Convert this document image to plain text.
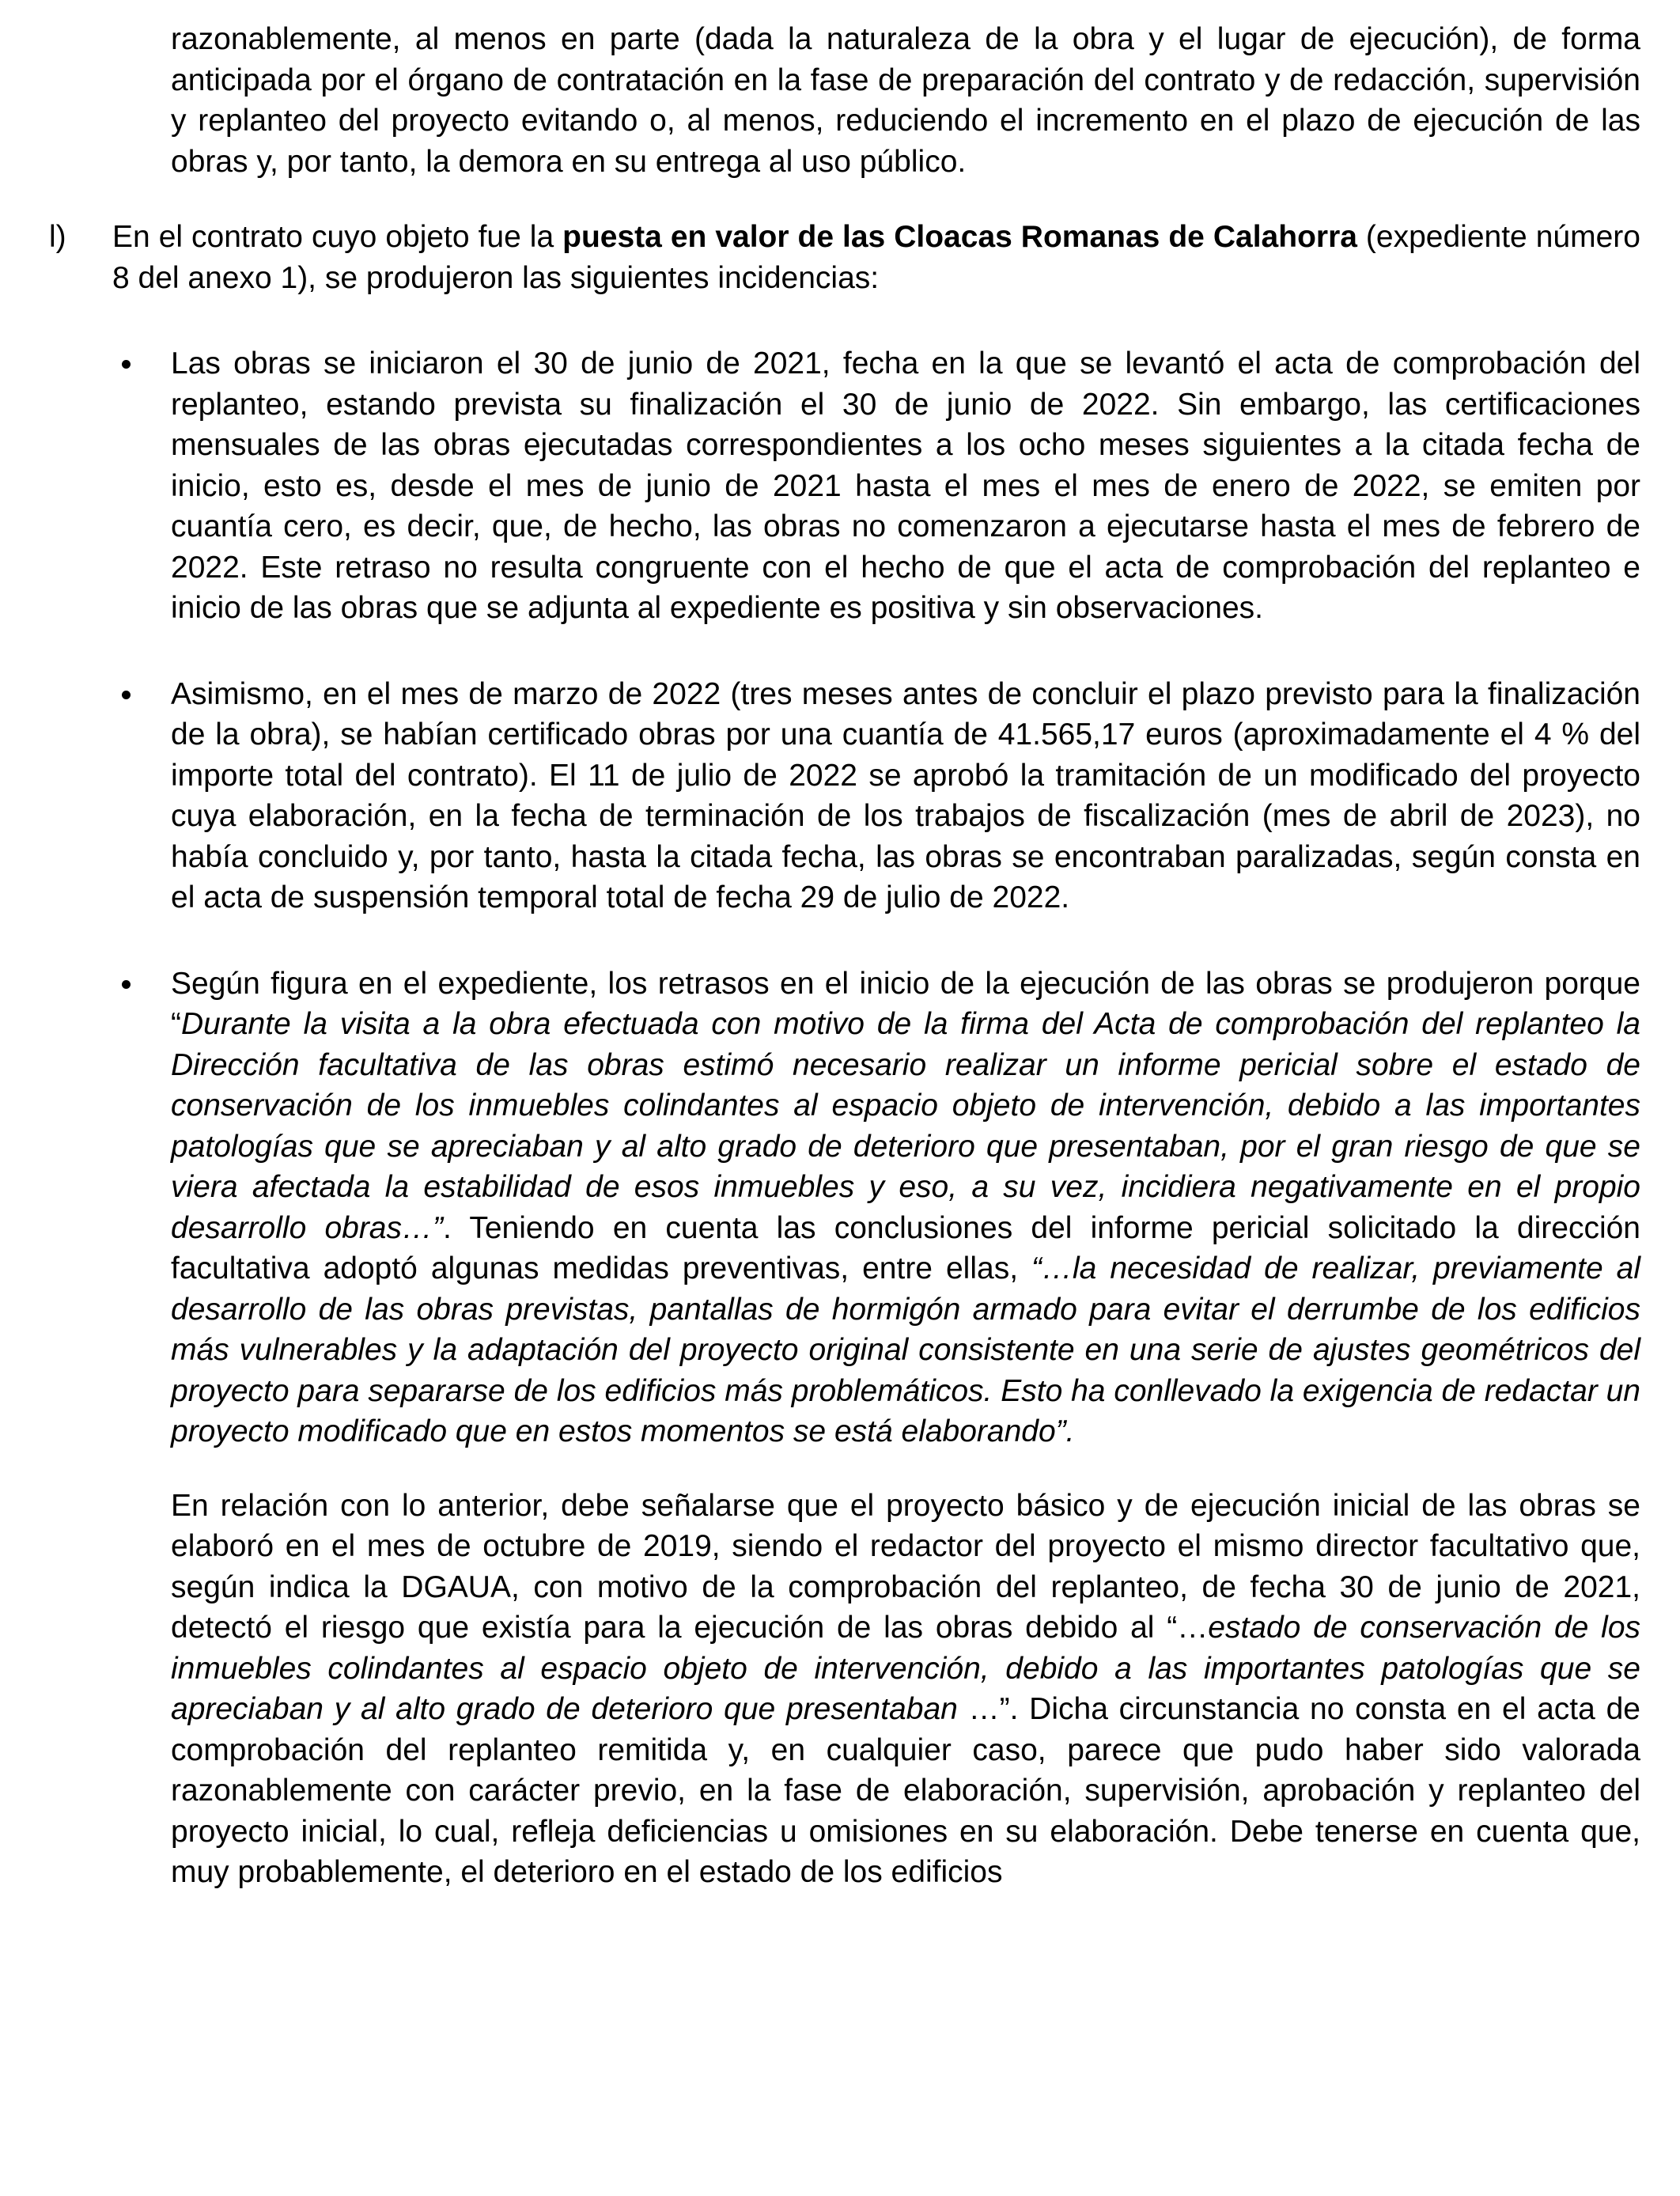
razonablemente, al menos en parte (dada la naturaleza de la obra y el lugar de ejecución), de forma anticipada por el órgano de contratación en la fase de preparación del contrato y de redacción, supervisión y replanteo del proyecto evitando o, al menos, reduciendo el incremento en el plazo de ejecución de las obras y, por tanto, la demora en su entrega al uso público.

l) En el contrato cuyo objeto fue la puesta en valor de las Cloacas Romanas de Calahorra (expediente número 8 del anexo 1), se produjeron las siguientes incidencias:
Las obras se iniciaron el 30 de junio de 2021, fecha en la que se levantó el acta de comprobación del replanteo, estando prevista su finalización el 30 de junio de 2022. Sin embargo, las certificaciones mensuales de las obras ejecutadas correspondientes a los ocho meses siguientes a la citada fecha de inicio, esto es, desde el mes de junio de 2021 hasta el mes el mes de enero de 2022, se emiten por cuantía cero, es decir, que, de hecho, las obras no comenzaron a ejecutarse hasta el mes de febrero de 2022. Este retraso no resulta congruente con el hecho de que el acta de comprobación del replanteo e inicio de las obras que se adjunta al expediente es positiva y sin observaciones.
Asimismo, en el mes de marzo de 2022 (tres meses antes de concluir el plazo previsto para la finalización de la obra), se habían certificado obras por una cuantía de 41.565,17 euros (aproximadamente el 4 % del importe total del contrato). El 11 de julio de 2022 se aprobó la tramitación de un modificado del proyecto cuya elaboración, en la fecha de terminación de los trabajos de fiscalización (mes de abril de 2023), no había concluido y, por tanto, hasta la citada fecha, las obras se encontraban paralizadas, según consta en el acta de suspensión temporal total de fecha 29 de julio de 2022.
Según figura en el expediente, los retrasos en el inicio de la ejecución de las obras se produjeron porque “Durante la visita a la obra efectuada con motivo de la firma del Acta de comprobación del replanteo la Dirección facultativa de las obras estimó necesario realizar un informe pericial sobre el estado de conservación de los inmuebles colindantes al espacio objeto de intervención, debido a las importantes patologías que se apreciaban y al alto grado de deterioro que presentaban, por el gran riesgo de que se viera afectada la estabilidad de esos inmuebles y eso, a su vez, incidiera negativamente en el propio desarrollo obras…”. Teniendo en cuenta las conclusiones del informe pericial solicitado la dirección facultativa adoptó algunas medidas preventivas, entre ellas, “…la necesidad de realizar, previamente al desarrollo de las obras previstas, pantallas de hormigón armado para evitar el derrumbe de los edificios más vulnerables y la adaptación del proyecto original consistente en una serie de ajustes geométricos del proyecto para separarse de los edificios más problemáticos. Esto ha conllevado la exigencia de redactar un proyecto modificado que en estos momentos se está elaborando”.

En relación con lo anterior, debe señalarse que el proyecto básico y de ejecución inicial de las obras se elaboró en el mes de octubre de 2019, siendo el redactor del proyecto el mismo director facultativo que, según indica la DGAUA, con motivo de la comprobación del replanteo, de fecha 30 de junio de 2021, detectó el riesgo que existía para la ejecución de las obras debido al “…estado de conservación de los inmuebles colindantes al espacio objeto de intervención, debido a las importantes patologías que se apreciaban y al alto grado de deterioro que presentaban …”. Dicha circunstancia no consta en el acta de comprobación del replanteo remitida y, en cualquier caso, parece que pudo haber sido valorada razonablemente con carácter previo, en la fase de elaboración, supervisión, aprobación y replanteo del proyecto inicial, lo cual, refleja deficiencias u omisiones en su elaboración. Debe tenerse en cuenta que, muy probablemente, el deterioro en el estado de los edificios
